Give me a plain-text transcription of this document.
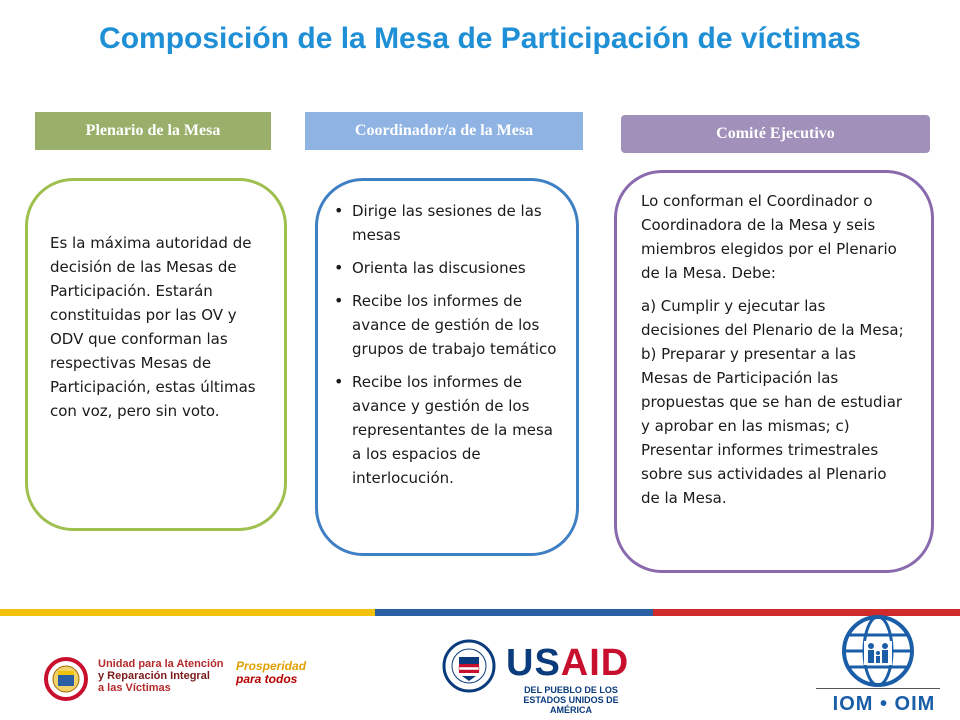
Composición de la Mesa de Participación de víctimas
Plenario de la Mesa	Coordinador/a de la Mesa	Comité Ejecutivo

Es la máxima autoridad de decisión de las Mesas de Participación. Estarán constituidas por las OV y ODV que conforman las respectivas Mesas de Participación, estas últimas con voz, pero sin voto.

• Dirige las sesiones de las mesas
• Orienta las discusiones
• Recibe los informes de avance de gestión de los grupos de trabajo temático
• Recibe los informes de avance y gestión de los representantes de la mesa a los espacios de interlocución.

Lo conforman el Coordinador o Coordinadora de la Mesa y seis miembros elegidos por el Plenario de la Mesa. Debe:

a) Cumplir y ejecutar las decisiones del Plenario de la Mesa; b) Preparar y presentar a las Mesas de Participación las propuestas que se han de estudiar y aprobar en las mismas; c) Presentar informes trimestrales sobre sus actividades al Plenario de la Mesa.

Unidad para la Atención
y Reparación Integral
a las Víctimas
Prosperidad
para todos	USAID
DEL PUEBLO DE LOS ESTADOS UNIDOS DE AMÉRICA	IOM • OIM
